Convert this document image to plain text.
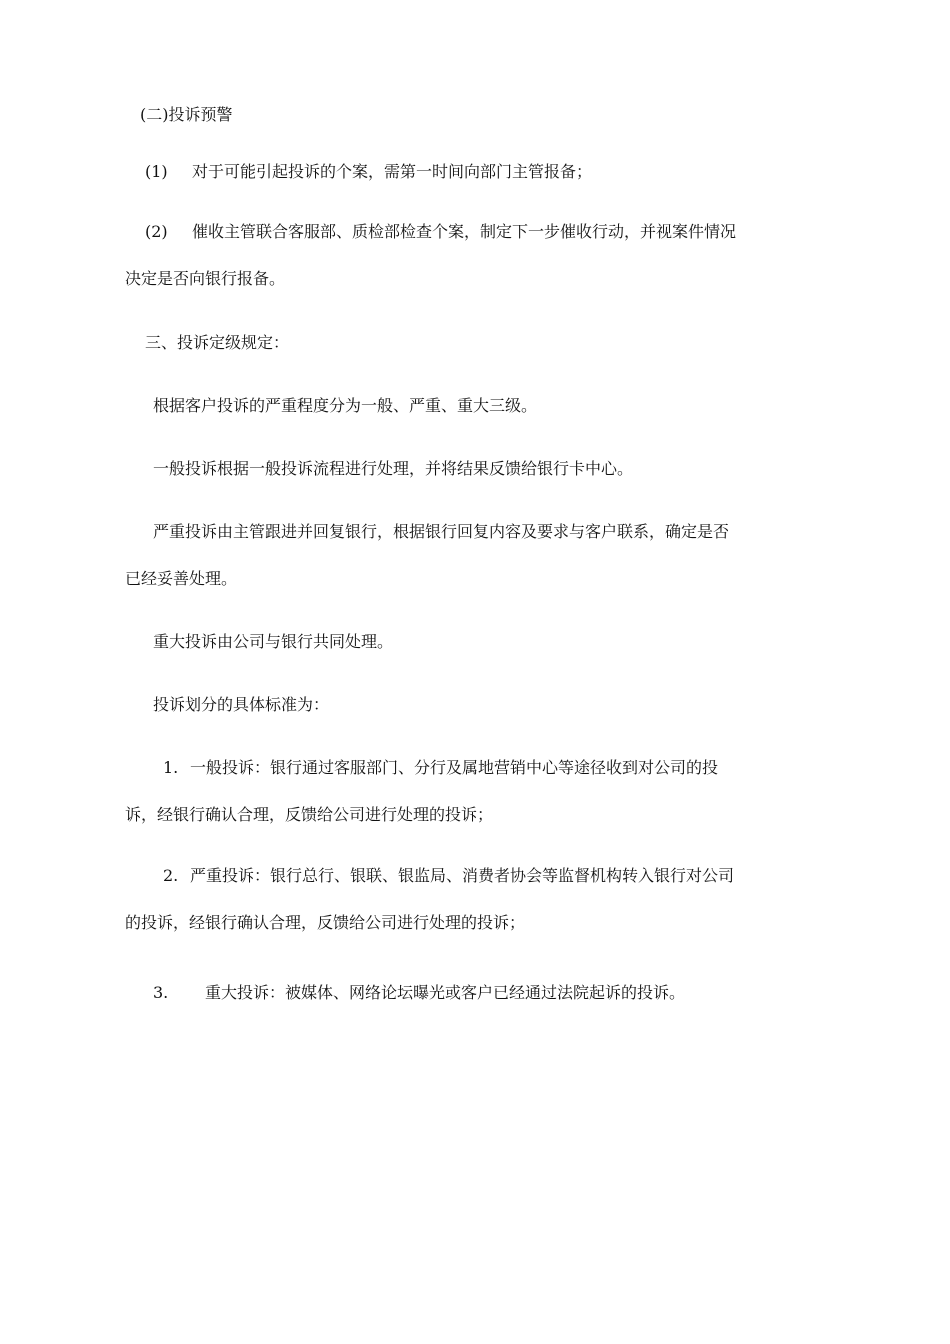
(二)投诉预警
(1) 对于可能引起投诉的个案，需第一时间向部门主管报备；
(2) 催收主管联合客服部、质检部检查个案，制定下一步催收行动，并视案件情况
决定是否向银行报备。
三、投诉定级规定：
根据客户投诉的严重程度分为一般、严重、重大三级。
一般投诉根据一般投诉流程进行处理，并将结果反馈给银行卡中心。
严重投诉由主管跟进并回复银行，根据银行回复内容及要求与客户联系，确定是否
已经妥善处理。
重大投诉由公司与银行共同处理。
投诉划分的具体标准为：
1. 一般投诉：银行通过客服部门、分行及属地营销中心等途径收到对公司的投
诉，经银行确认合理，反馈给公司进行处理的投诉；
2. 严重投诉：银行总行、银联、银监局、消费者协会等监督机构转入银行对公司
的投诉，经银行确认合理，反馈给公司进行处理的投诉；
3. 重大投诉：被媒体、网络论坛曝光或客户已经通过法院起诉的投诉。
